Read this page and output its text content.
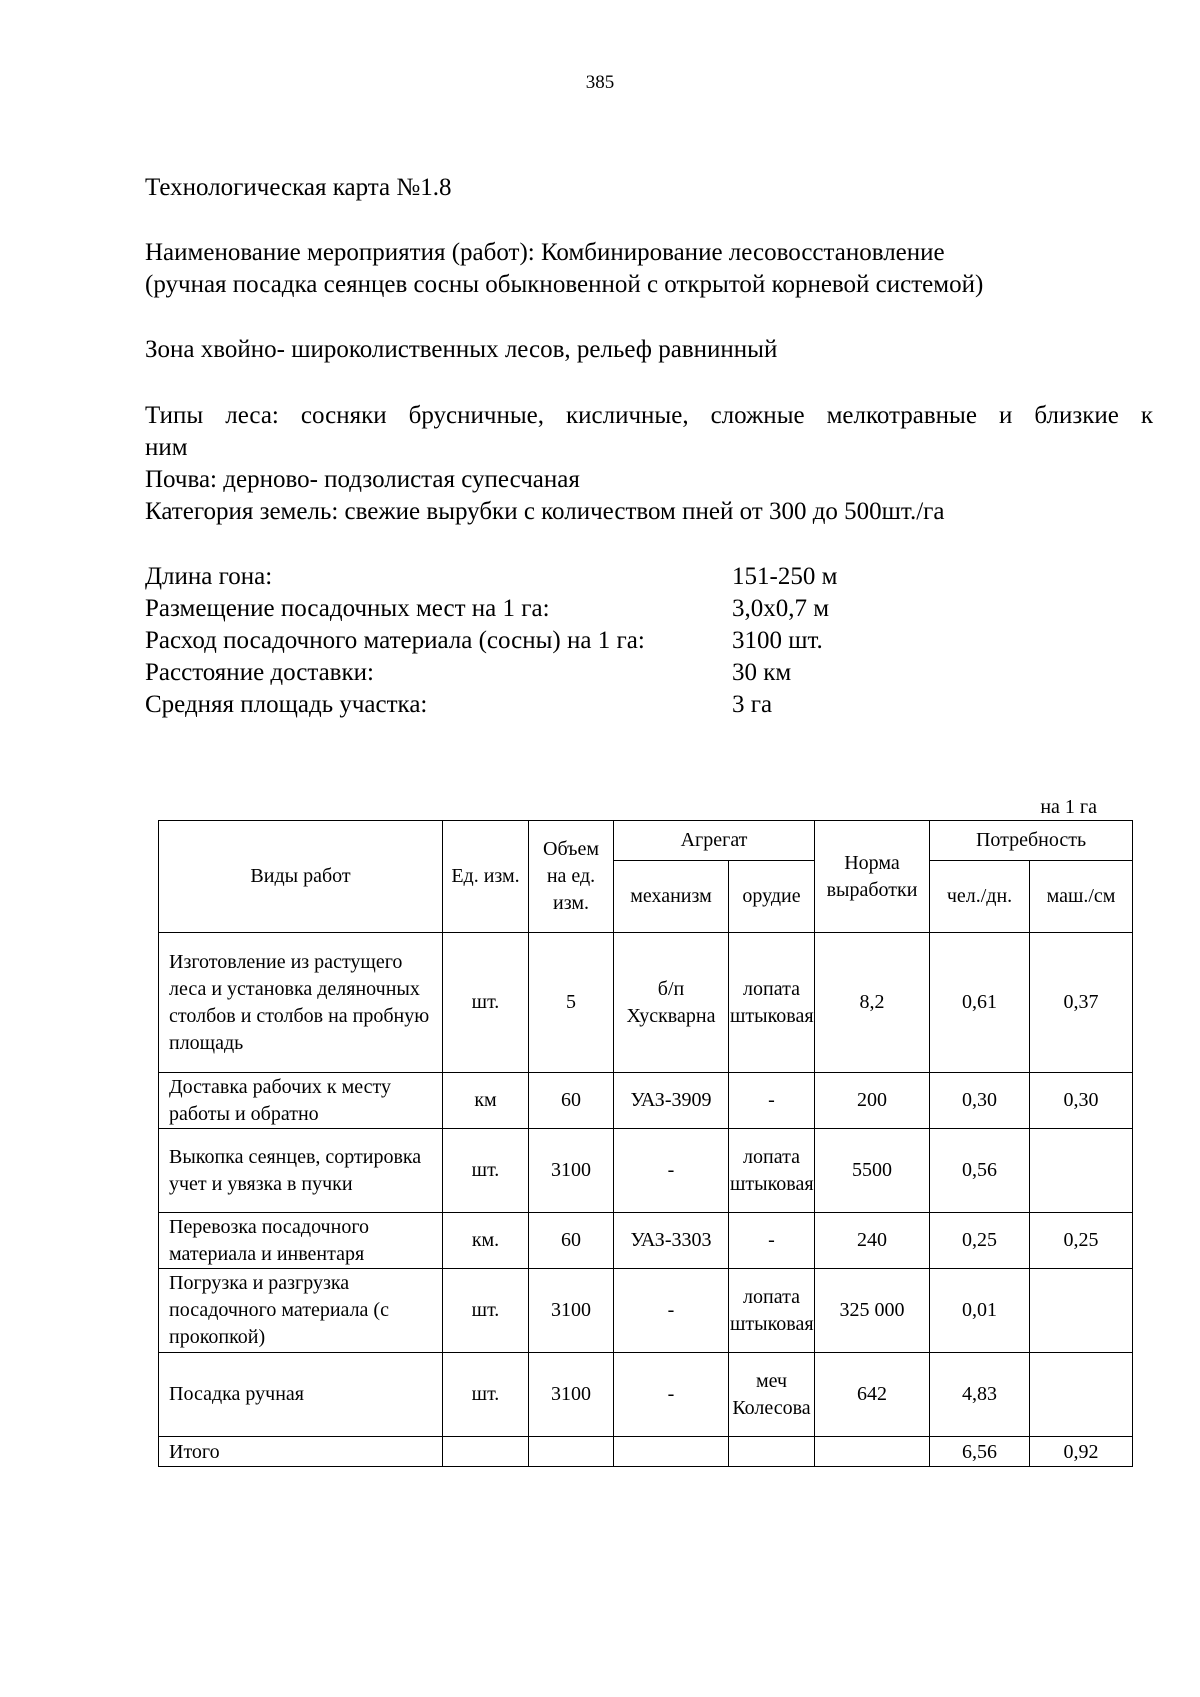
385
Технологическая карта №1.8
Наименование мероприятия (работ): Комбинирование лесовосстановление
(ручная посадка сеянцев сосны обыкновенной с открытой корневой системой)
Зона хвойно- широколиственных лесов, рельеф равнинный
Типы леса: сосняки брусничные, кисличные, сложные мелкотравные и близкие к
ним
Почва: дерново- подзолистая супесчаная
Категория земель: свежие вырубки с количеством пней от 300 до 500шт./га
Длина гона:	151-250 м
Размещение посадочных мест на 1 га:	3,0х0,7 м
Расход посадочного материала (сосны) на 1 га:	3100 шт.
Расстояние доставки:	30 км
Средняя площадь участка:	3 га
на 1 га
Виды работ	Ед. изм.	Объем на ед. изм.	Агрегат		Норма выработки	Потребность	
			механизм	орудие		чел./дн.	маш./см
Изготовление из растущего леса и установка деляночных столбов и столбов на пробную площадь	шт.	5	б/п Хускварна	лопата штыковая	8,2	0,61	0,37
Доставка рабочих к месту работы и обратно	км	60	УАЗ-3909	-	200	0,30	0,30
Выкопка сеянцев, сортировка учет и увязка в пучки	шт.	3100	-	лопата штыковая	5500	0,56	
Перевозка посадочного материала и инвентаря	км.	60	УАЗ-3303	-	240	0,25	0,25
Погрузка и разгрузка посадочного материала (с прокопкой)	шт.	3100	-	лопата штыковая	325 000	0,01	
Посадка ручная	шт.	3100	-	меч Колесова	642	4,83	
Итого						6,56	0,92
